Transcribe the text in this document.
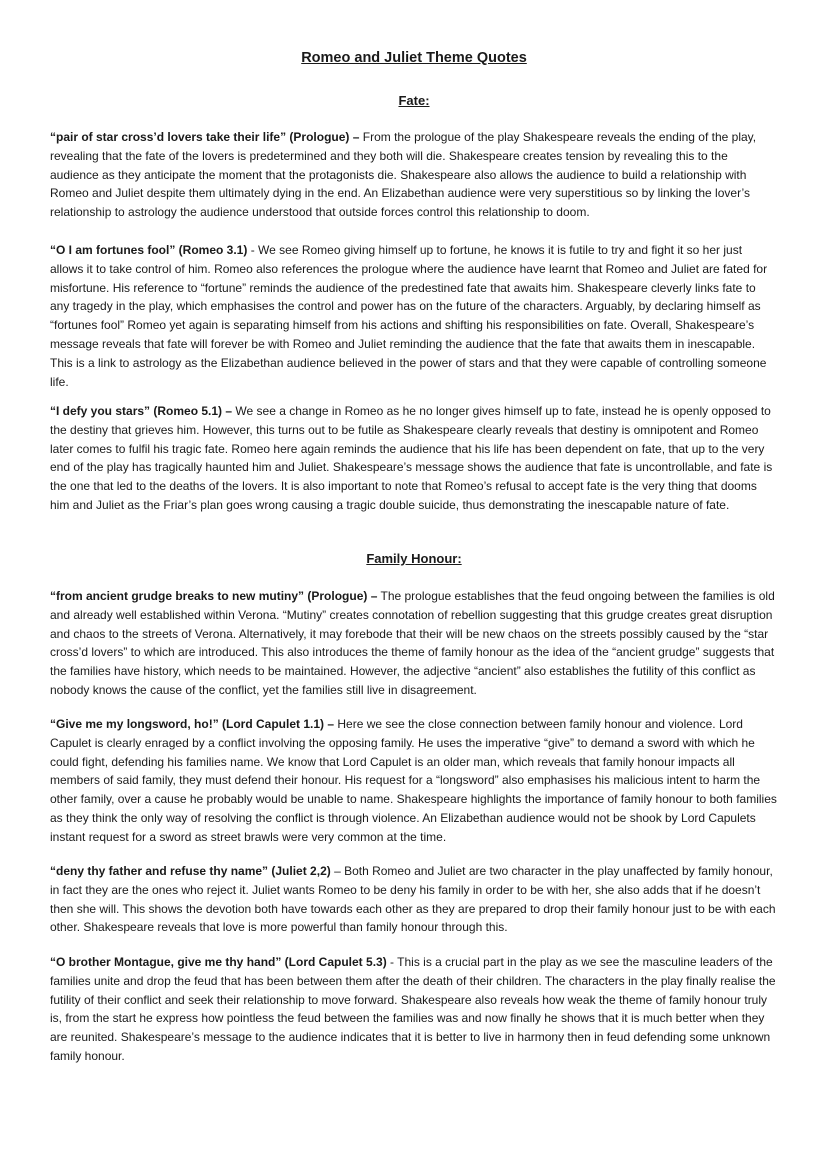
Romeo and Juliet Theme Quotes
Fate:

“pair of star cross’d lovers take their life” (Prologue) – From the prologue of the play Shakespeare reveals the ending of the play, revealing that the fate of the lovers is predetermined and they both will die. Shakespeare creates tension by revealing this to the audience as they anticipate the moment that the protagonists die. Shakespeare also allows the audience to build a relationship with Romeo and Juliet despite them ultimately dying in the end. An Elizabethan audience were very superstitious so by linking the lover’s relationship to astrology the audience understood that outside forces control this relationship to doom.

“O I am fortunes fool” (Romeo 3.1) - We see Romeo giving himself up to fortune, he knows it is futile to try and fight it so her just allows it to take control of him. Romeo also references the prologue where the audience have learnt that Romeo and Juliet are fated for misfortune. His reference to “fortune” reminds the audience of the predestined fate that awaits him. Shakespeare cleverly links fate to any tragedy in the play, which emphasises the control and power has on the future of the characters. Arguably, by declaring himself as “fortunes fool” Romeo yet again is separating himself from his actions and shifting his responsibilities on fate. Overall, Shakespeare’s message reveals that fate will forever be with Romeo and Juliet reminding the audience that the fate that awaits them in inescapable. This is a link to astrology as the Elizabethan audience believed in the power of stars and that they were capable of controlling someone life.

“I defy you stars” (Romeo 5.1) – We see a change in Romeo as he no longer gives himself up to fate, instead he is openly opposed to the destiny that grieves him. However, this turns out to be futile as Shakespeare clearly reveals that destiny is omnipotent and Romeo later comes to fulfil his tragic fate. Romeo here again reminds the audience that his life has been dependent on fate, that up to the very end of the play has tragically haunted him and Juliet. Shakespeare’s message shows the audience that fate is uncontrollable, and fate is the one that led to the deaths of the lovers. It is also important to note that Romeo’s refusal to accept fate is the very thing that dooms him and Juliet as the Friar’s plan goes wrong causing a tragic double suicide, thus demonstrating the inescapable nature of fate.

Family Honour:

“from ancient grudge breaks to new mutiny” (Prologue) – The prologue establishes that the feud ongoing between the families is old and already well established within Verona. “Mutiny” creates connotation of rebellion suggesting that this grudge creates great disruption and chaos to the streets of Verona. Alternatively, it may forebode that their will be new chaos on the streets possibly caused by the “star cross’d lovers” to which are introduced. This also introduces the theme of family honour as the idea of the “ancient grudge” suggests that the families have history, which needs to be maintained. However, the adjective “ancient” also establishes the futility of this conflict as nobody knows the cause of the conflict, yet the families still live in disagreement.

“Give me my longsword, ho!” (Lord Capulet 1.1) – Here we see the close connection between family honour and violence. Lord Capulet is clearly enraged by a conflict involving the opposing family. He uses the imperative “give” to demand a sword with which he could fight, defending his families name. We know that Lord Capulet is an older man, which reveals that family honour impacts all members of said family, they must defend their honour. His request for a “longsword” also emphasises his malicious intent to harm the other family, over a cause he probably would be unable to name. Shakespeare highlights the importance of family honour to both families as they think the only way of resolving the conflict is through violence. An Elizabethan audience would not be shook by Lord Capulets instant request for a sword as street brawls were very common at the time.

“deny thy father and refuse thy name” (Juliet 2,2) – Both Romeo and Juliet are two character in the play unaffected by family honour, in fact they are the ones who reject it. Juliet wants Romeo to be deny his family in order to be with her, she also adds that if he doesn’t then she will. This shows the devotion both have towards each other as they are prepared to drop their family honour just to be with each other. Shakespeare reveals that love is more powerful than family honour through this.

“O brother Montague, give me thy hand” (Lord Capulet 5.3) - This is a crucial part in the play as we see the masculine leaders of the families unite and drop the feud that has been between them after the death of their children. The characters in the play finally realise the futility of their conflict and seek their relationship to move forward. Shakespeare also reveals how weak the theme of family honour truly is, from the start he express how pointless the feud between the families was and now finally he shows that it is much better when they are reunited. Shakespeare’s message to the audience indicates that it is better to live in harmony then in feud defending some unknown family honour.
